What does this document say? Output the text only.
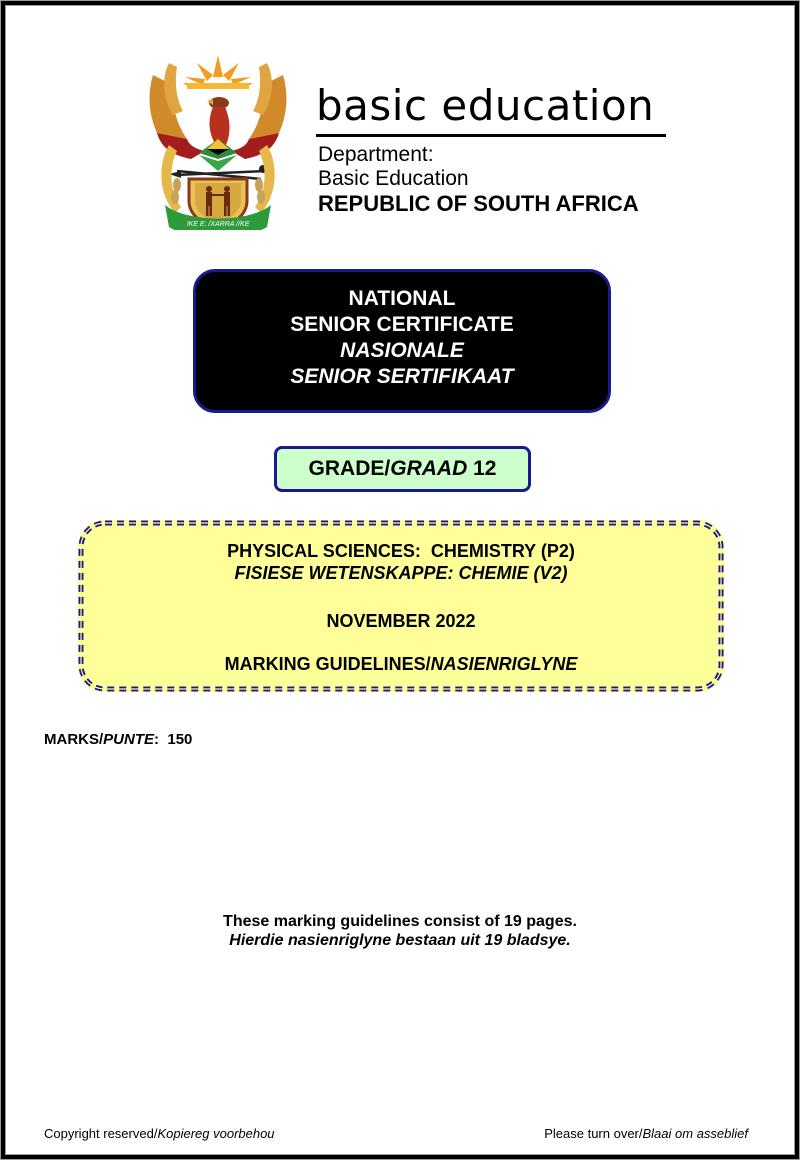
!KE E: /XARRA //KE
basic education
Department:
Basic Education
REPUBLIC OF SOUTH AFRICA
NATIONAL
SENIOR CERTIFICATE
NASIONALE
SENIOR SERTIFIKAAT
GRADE/GRAAD 12
PHYSICAL SCIENCES:  CHEMISTRY (P2)
FISIESE WETENSKAPPE: CHEMIE (V2)
NOVEMBER 2022
MARKING GUIDELINES/NASIENRIGLYNE
MARKS/PUNTE:  150
These marking guidelines consist of 19 pages.
Hierdie nasienriglyne bestaan uit 19 bladsye.
Copyright reserved/Kopiereg voorbehou	Please turn over/Blaai om asseblief
